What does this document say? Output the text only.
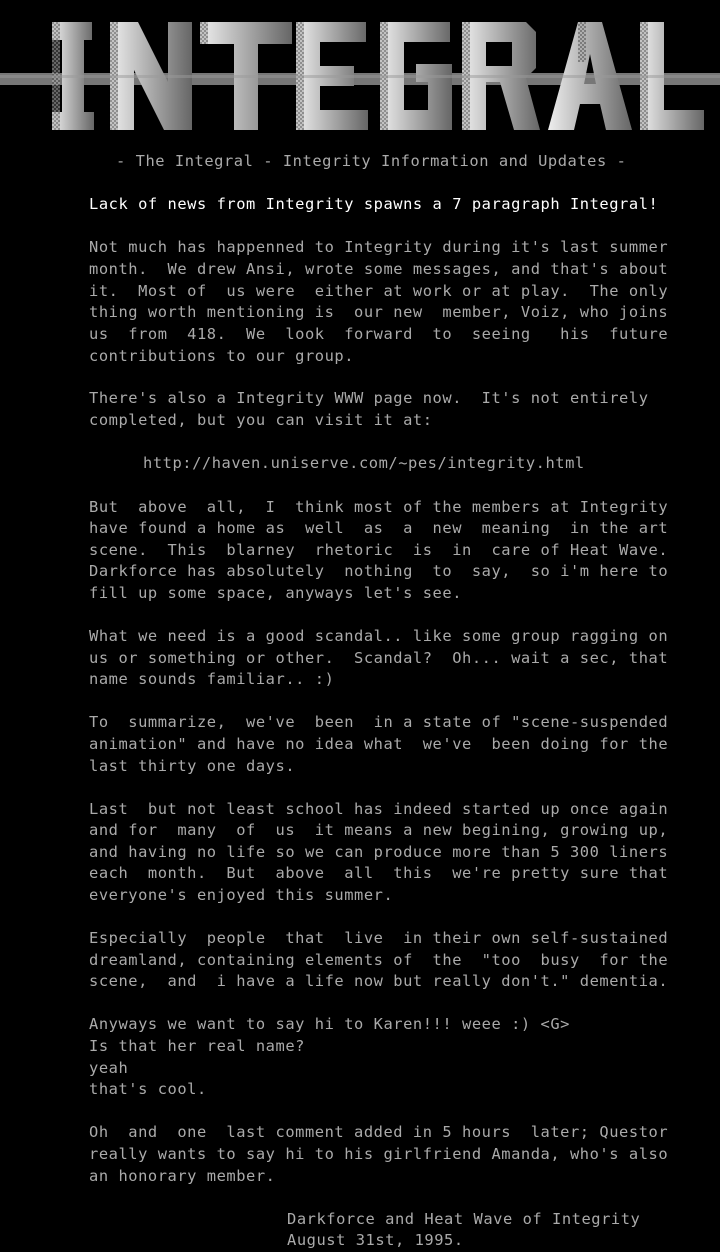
- The Integral - Integrity Information and Updates -
Lack of news from Integrity spawns a 7 paragraph Integral!
Not much has happenned to Integrity during it's last summer
month.  We drew Ansi, wrote some messages, and that's about
it.  Most of  us were  either at work or at play.  The only
thing worth mentioning is  our new  member, Voiz, who joins
us  from  418.  We  look  forward  to  seeing   his  future
contributions to our group.
There's also a Integrity WWW page now.  It's not entirely
completed, but you can visit it at:
http://haven.uniserve.com/~pes/integrity.html
But  above  all,  I  think most of the members at Integrity
have found a home as  well  as  a  new  meaning  in the art
scene.  This  blarney  rhetoric  is  in  care of Heat Wave.
Darkforce has absolutely  nothing  to  say,  so i'm here to
fill up some space, anyways let's see.
What we need is a good scandal.. like some group ragging on
us or something or other.  Scandal?  Oh... wait a sec, that
name sounds familiar.. :)
To  summarize,  we've  been  in a state of "scene-suspended
animation" and have no idea what  we've  been doing for the
last thirty one days.
Last  but not least school has indeed started up once again
and for  many  of  us  it means a new begining, growing up,
and having no life so we can produce more than 5 300 liners
each  month.  But  above  all  this  we're pretty sure that
everyone's enjoyed this summer.
Especially  people  that  live  in their own self-sustained
dreamland, containing elements of  the  "too  busy  for the
scene,  and  i have a life now but really don't." dementia.
Anyways we want to say hi to Karen!!! weee :) <G>
Is that her real name?
yeah
that's cool.
Oh  and  one  last comment added in 5 hours  later; Questor
really wants to say hi to his girlfriend Amanda, who's also
an honorary member.
Darkforce and Heat Wave of Integrity
August 31st, 1995.
